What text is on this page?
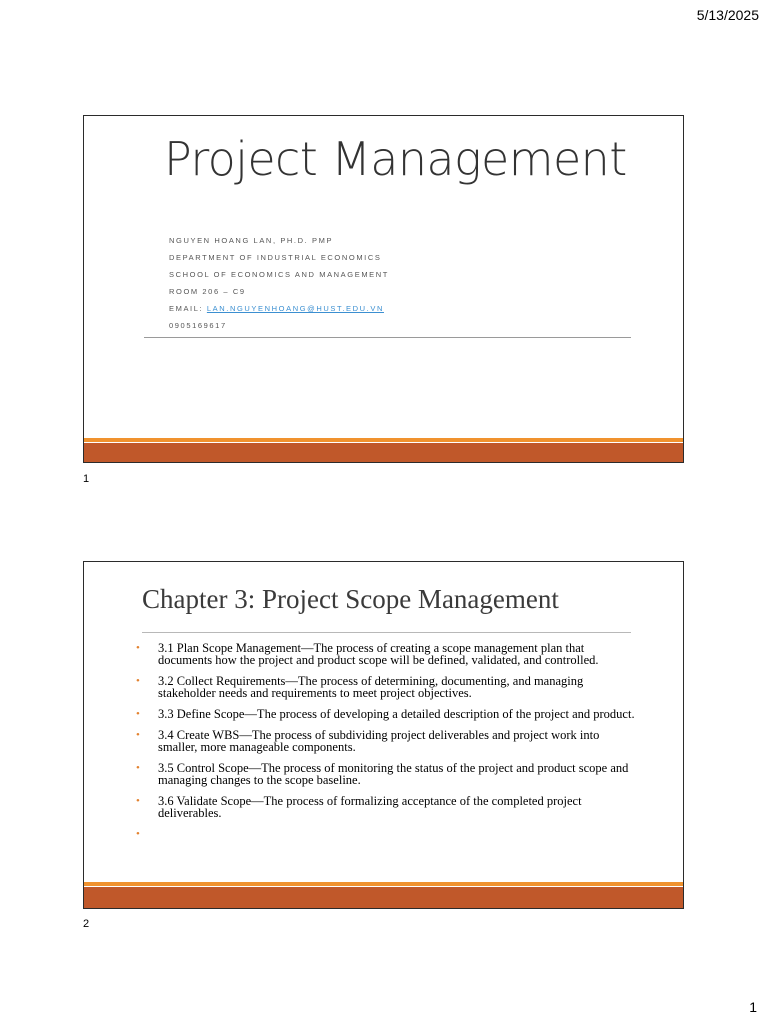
5/13/2025
Project Management
NGUYEN HOANG LAN, PH.D. PMP
DEPARTMENT OF INDUSTRIAL ECONOMICS
SCHOOL OF ECONOMICS AND MANAGEMENT
ROOM 206 – C9
EMAIL: LAN.NGUYENHOANG@HUST.EDU.VN
0905169617
1
Chapter 3: Project Scope Management
• 3.1 Plan Scope Management—The process of creating a scope management plan that documents how the project and product scope will be defined, validated, and controlled.
• 3.2 Collect Requirements—The process of determining, documenting, and managing stakeholder needs and requirements to meet project objectives.
• 3.3 Define Scope—The process of developing a detailed description of the project and product.
• 3.4 Create WBS—The process of subdividing project deliverables and project work into smaller, more manageable components.
• 3.5 Control Scope—The process of monitoring the status of the project and product scope and managing changes to the scope baseline.
• 3.6 Validate Scope—The process of formalizing acceptance of the completed project deliverables.
•
2
1
